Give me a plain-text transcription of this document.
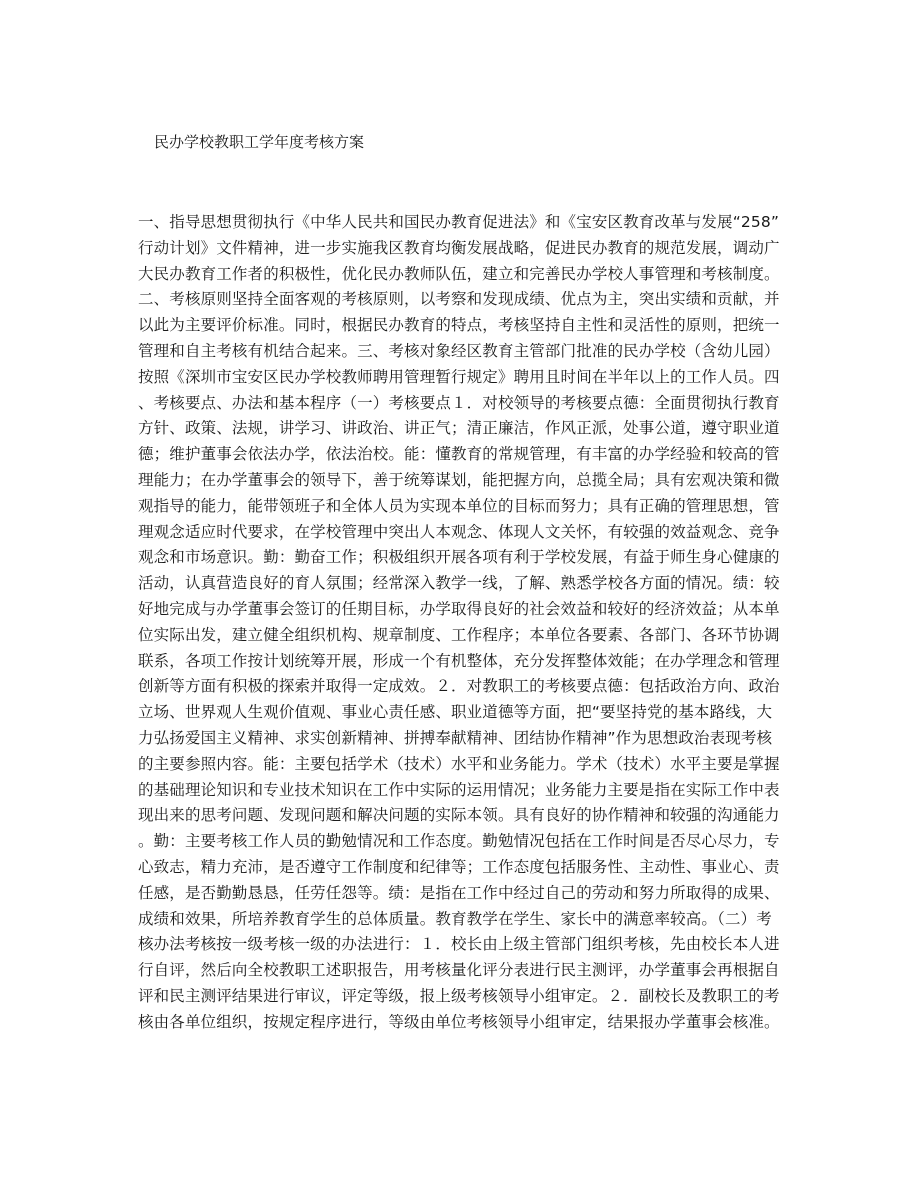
民办学校教职工学年度考核方案
一、指导思想贯彻执行《中华人民共和国民办教育促进法》和《宝安区教育改革与发展“258”
行动计划》文件精神，进一步实施我区教育均衡发展战略，促进民办教育的规范发展，调动广
大民办教育工作者的积极性，优化民办教师队伍，建立和完善民办学校人事管理和考核制度。
二、考核原则坚持全面客观的考核原则，以考察和发现成绩、优点为主，突出实绩和贡献，并
以此为主要评价标准。同时，根据民办教育的特点，考核坚持自主性和灵活性的原则，把统一
管理和自主考核有机结合起来。三、考核对象经区教育主管部门批准的民办学校（含幼儿园）
按照《深圳市宝安区民办学校教师聘用管理暂行规定》聘用且时间在半年以上的工作人员。四
、考核要点、办法和基本程序（一）考核要点１．对校领导的考核要点德：全面贯彻执行教育
方针、政策、法规，讲学习、讲政治、讲正气；清正廉洁，作风正派，处事公道，遵守职业道
德；维护董事会依法办学，依法治校。能：懂教育的常规管理，有丰富的办学经验和较高的管
理能力；在办学董事会的领导下，善于统筹谋划，能把握方向，总揽全局；具有宏观决策和微
观指导的能力，能带领班子和全体人员为实现本单位的目标而努力；具有正确的管理思想，管
理观念适应时代要求，在学校管理中突出人本观念、体现人文关怀，有较强的效益观念、竞争
观念和市场意识。勤：勤奋工作；积极组织开展各项有利于学校发展，有益于师生身心健康的
活动，认真营造良好的育人氛围；经常深入教学一线，了解、熟悉学校各方面的情况。绩：较
好地完成与办学董事会签订的任期目标，办学取得良好的社会效益和较好的经济效益；从本单
位实际出发，建立健全组织机构、规章制度、工作程序；本单位各要素、各部门、各环节协调
联系，各项工作按计划统筹开展，形成一个有机整体，充分发挥整体效能；在办学理念和管理
创新等方面有积极的探索并取得一定成效。２．对教职工的考核要点德：包括政治方向、政治
立场、世界观人生观价值观、事业心责任感、职业道德等方面，把“要坚持党的基本路线，大
力弘扬爱国主义精神、求实创新精神、拼搏奉献精神、团结协作精神”作为思想政治表现考核
的主要参照内容。能：主要包括学术（技术）水平和业务能力。学术（技术）水平主要是掌握
的基础理论知识和专业技术知识在工作中实际的运用情况；业务能力主要是指在实际工作中表
现出来的思考问题、发现问题和解决问题的实际本领。具有良好的协作精神和较强的沟通能力
。勤：主要考核工作人员的勤勉情况和工作态度。勤勉情况包括在工作时间是否尽心尽力，专
心致志，精力充沛，是否遵守工作制度和纪律等；工作态度包括服务性、主动性、事业心、责
任感，是否勤勤恳恳，任劳任怨等。绩：是指在工作中经过自己的劳动和努力所取得的成果、
成绩和效果，所培养教育学生的总体质量。教育教学在学生、家长中的满意率较高。（二）考
核办法考核按一级考核一级的办法进行：１．校长由上级主管部门组织考核，先由校长本人进
行自评，然后向全校教职工述职报告，用考核量化评分表进行民主测评，办学董事会再根据自
评和民主测评结果进行审议，评定等级，报上级考核领导小组审定。２．副校长及教职工的考
核由各单位组织，按规定程序进行，等级由单位考核领导小组审定，结果报办学董事会核准。
